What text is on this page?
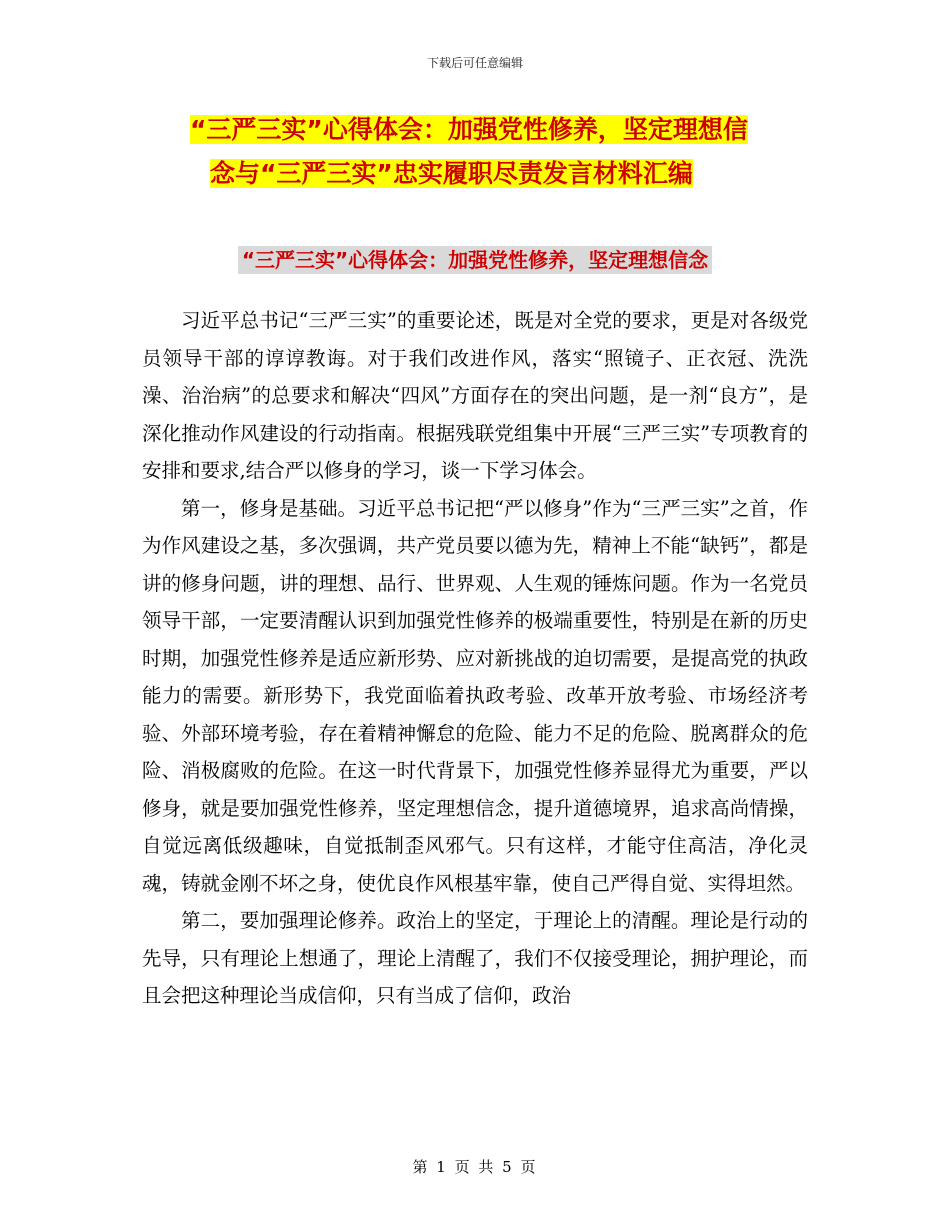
下载后可任意编辑
“三严三实”心得体会：加强党性修养，坚定理想信
念与“三严三实”忠实履职尽责发言材料汇编
“三严三实”心得体会：加强党性修养，坚定理想信念

习近平总书记“三严三实”的重要论述，既是对全党的要求，更是对各级党员领导干部的谆谆教诲。对于我们改进作风，落实“照镜子、正衣冠、洗洗澡、治治病”的总要求和解决“四风”方面存在的突出问题，是一剂“良方”，是深化推动作风建设的行动指南。根据残联党组集中开展“三严三实”专项教育的安排和要求,结合严以修身的学习，谈一下学习体会。

第一，修身是基础。习近平总书记把“严以修身”作为“三严三实”之首，作为作风建设之基，多次强调，共产党员要以德为先，精神上不能“缺钙”，都是讲的修身问题，讲的理想、品行、世界观、人生观的锤炼问题。作为一名党员领导干部，一定要清醒认识到加强党性修养的极端重要性，特别是在新的历史时期，加强党性修养是适应新形势、应对新挑战的迫切需要，是提高党的执政能力的需要。新形势下，我党面临着执政考验、改革开放考验、市场经济考验、外部环境考验，存在着精神懈怠的危险、能力不足的危险、脱离群众的危险、消极腐败的危险。在这一时代背景下，加强党性修养显得尤为重要，严以修身，就是要加强党性修养，坚定理想信念，提升道德境界，追求高尚情操，自觉远离低级趣味，自觉抵制歪风邪气。只有这样，才能守住高洁，净化灵魂，铸就金刚不坏之身，使优良作风根基牢靠，使自己严得自觉、实得坦然。

第二，要加强理论修养。政治上的坚定，于理论上的清醒。理论是行动的先导，只有理论上想通了，理论上清醒了，我们不仅接受理论，拥护理论，而且会把这种理论当成信仰，只有当成了信仰，政治

第 1 页 共 5 页
